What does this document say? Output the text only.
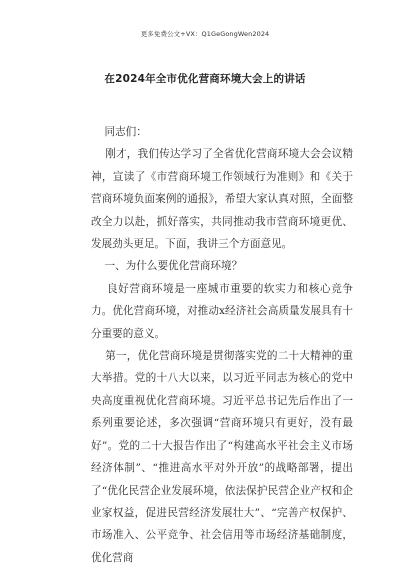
更多免费公文+VX：Q1GeGongWen2024
在2024年全市优化营商环境大会上的讲话

同志们：

刚才，我们传达学习了全省优化营商环境大会会议精神，宣读了《市营商环境工作领域行为准则》和《关于营商环境负面案例的通报》，希望大家认真对照，全面整改全力以赴，抓好落实，共同推动我市营商环境更优、发展劲头更足。下面，我讲三个方面意见。

一、为什么要优化营商环境？

良好营商环境是一座城市重要的软实力和核心竞争力。优化营商环境，对推动x经济社会高质量发展具有十分重要的意义。

第一，优化营商环境是贯彻落实党的二十大精神的重大举措。党的十八大以来，以习近平同志为核心的党中央高度重视优化营商环境。习近平总书记先后作出了一系列重要论述，多次强调“营商环境只有更好，没有最好”。党的二十大报告作出了“构建高水平社会主义市场经济体制”、“推进高水平对外开放”的战略部署，提出了“优化民营企业发展环境，依法保护民营企业产权和企业家权益，促进民营经济发展壮大”、“完善产权保护、市场准入、公平竞争、社会信用等市场经济基础制度，优化营商
